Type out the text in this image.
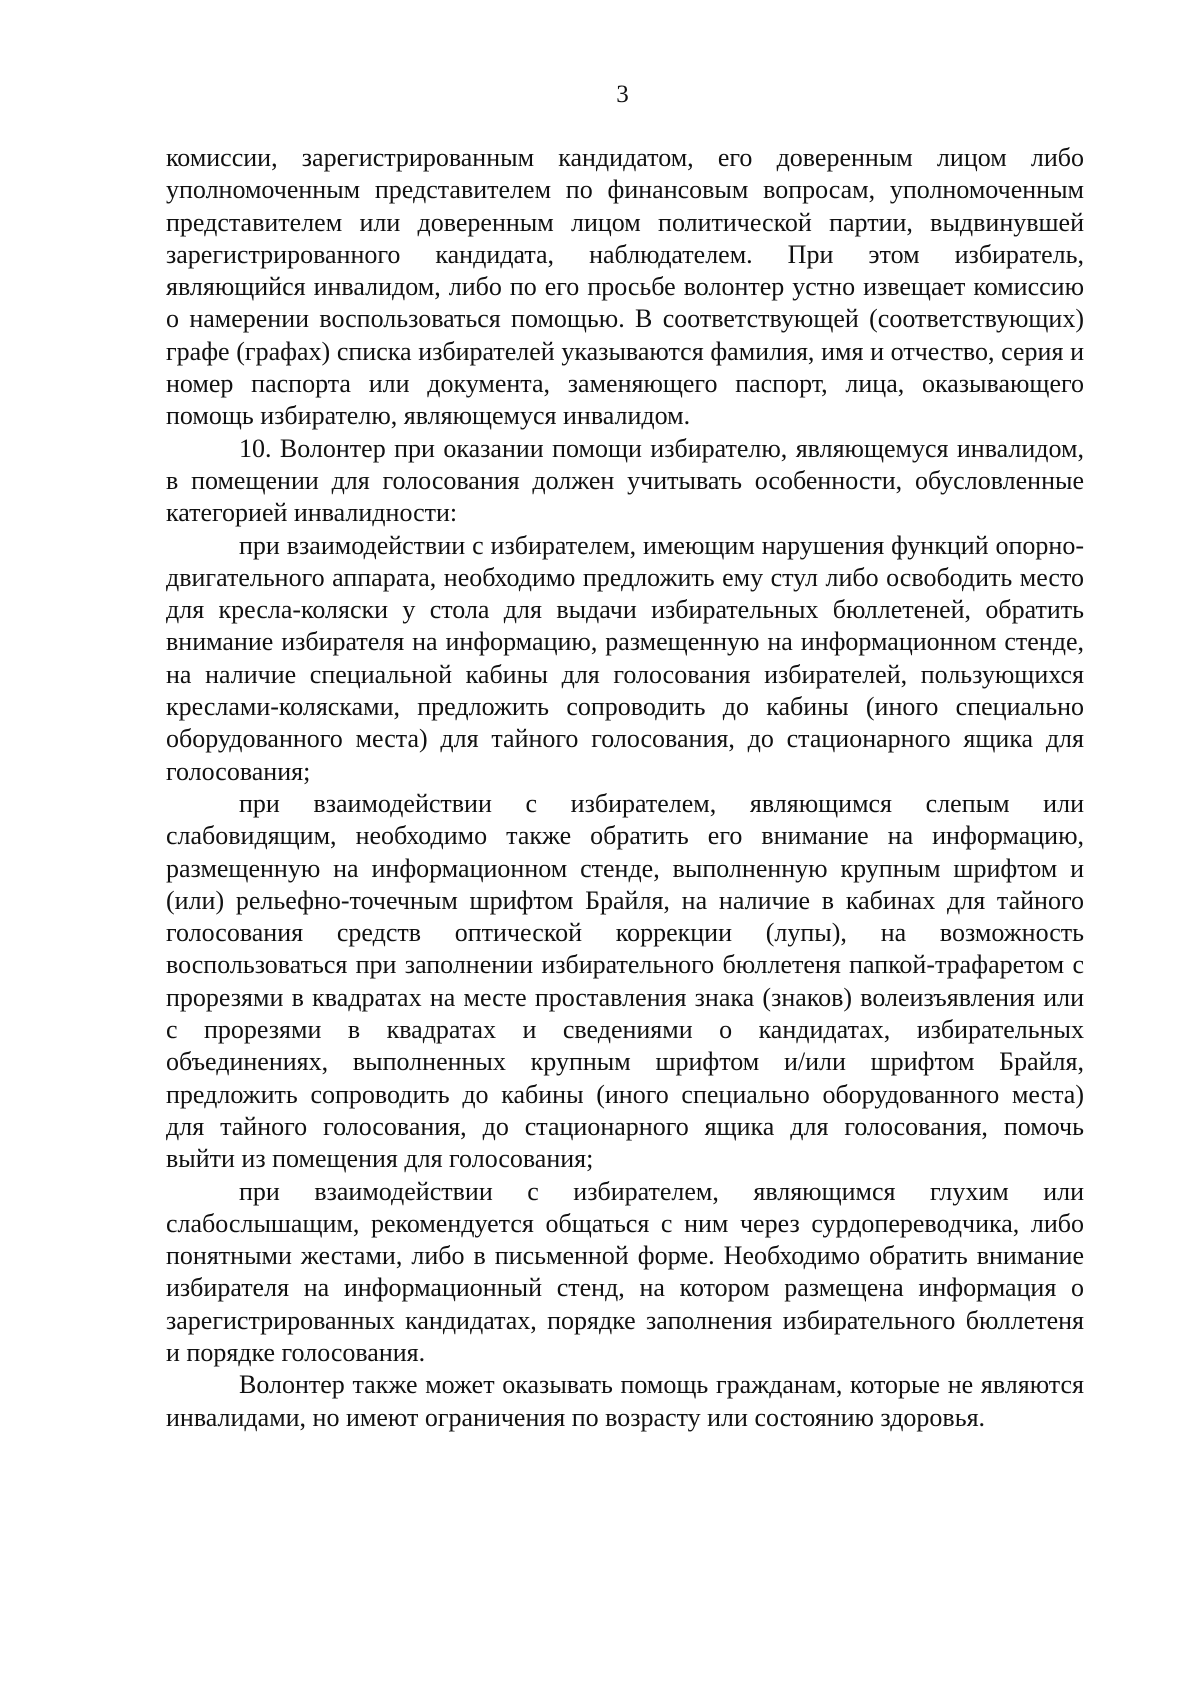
3

комиссии, зарегистрированным кандидатом, его доверенным лицом либо уполномоченным представителем по финансовым вопросам, уполномоченным представителем или доверенным лицом политической партии, выдвинувшей зарегистрированного кандидата, наблюдателем. При этом избиратель, являющийся инвалидом, либо по его просьбе волонтер устно извещает комиссию о намерении воспользоваться помощью. В соответствующей (соответствующих) графе (графах) списка избирателей указываются фамилия, имя и отчество, серия и номер паспорта или документа, заменяющего паспорт, лица, оказывающего помощь избирателю, являющемуся инвалидом.

10. Волонтер при оказании помощи избирателю, являющемуся инвалидом, в помещении для голосования должен учитывать особенности, обусловленные категорией инвалидности:

при взаимодействии с избирателем, имеющим нарушения функций опорно-двигательного аппарата, необходимо предложить ему стул либо освободить место для кресла-коляски у стола для выдачи избирательных бюллетеней, обратить внимание избирателя на информацию, размещенную на информационном стенде, на наличие специальной кабины для голосования избирателей, пользующихся креслами-колясками, предложить сопроводить до кабины (иного специально оборудованного места) для тайного голосования, до стационарного ящика для голосования;

при взаимодействии с избирателем, являющимся слепым или слабовидящим, необходимо также обратить его внимание на информацию, размещенную на информационном стенде, выполненную крупным шрифтом и (или) рельефно-точечным шрифтом Брайля, на наличие в кабинах для тайного голосования средств оптической коррекции (лупы), на возможность воспользоваться при заполнении избирательного бюллетеня папкой-трафаретом с прорезями в квадратах на месте проставления знака (знаков) волеизъявления или с прорезями в квадратах и сведениями о кандидатах, избирательных объединениях, выполненных крупным шрифтом и/или шрифтом Брайля, предложить сопроводить до кабины (иного специально оборудованного места) для тайного голосования, до стационарного ящика для голосования, помочь выйти из помещения для голосования;

при взаимодействии с избирателем, являющимся глухим или слабослышащим, рекомендуется общаться с ним через сурдопереводчика, либо понятными жестами, либо в письменной форме. Необходимо обратить внимание избирателя на информационный стенд, на котором размещена информация о зарегистрированных кандидатах, порядке заполнения избирательного бюллетеня и порядке голосования.

Волонтер также может оказывать помощь гражданам, которые не являются инвалидами, но имеют ограничения по возрасту или состоянию здоровья.
